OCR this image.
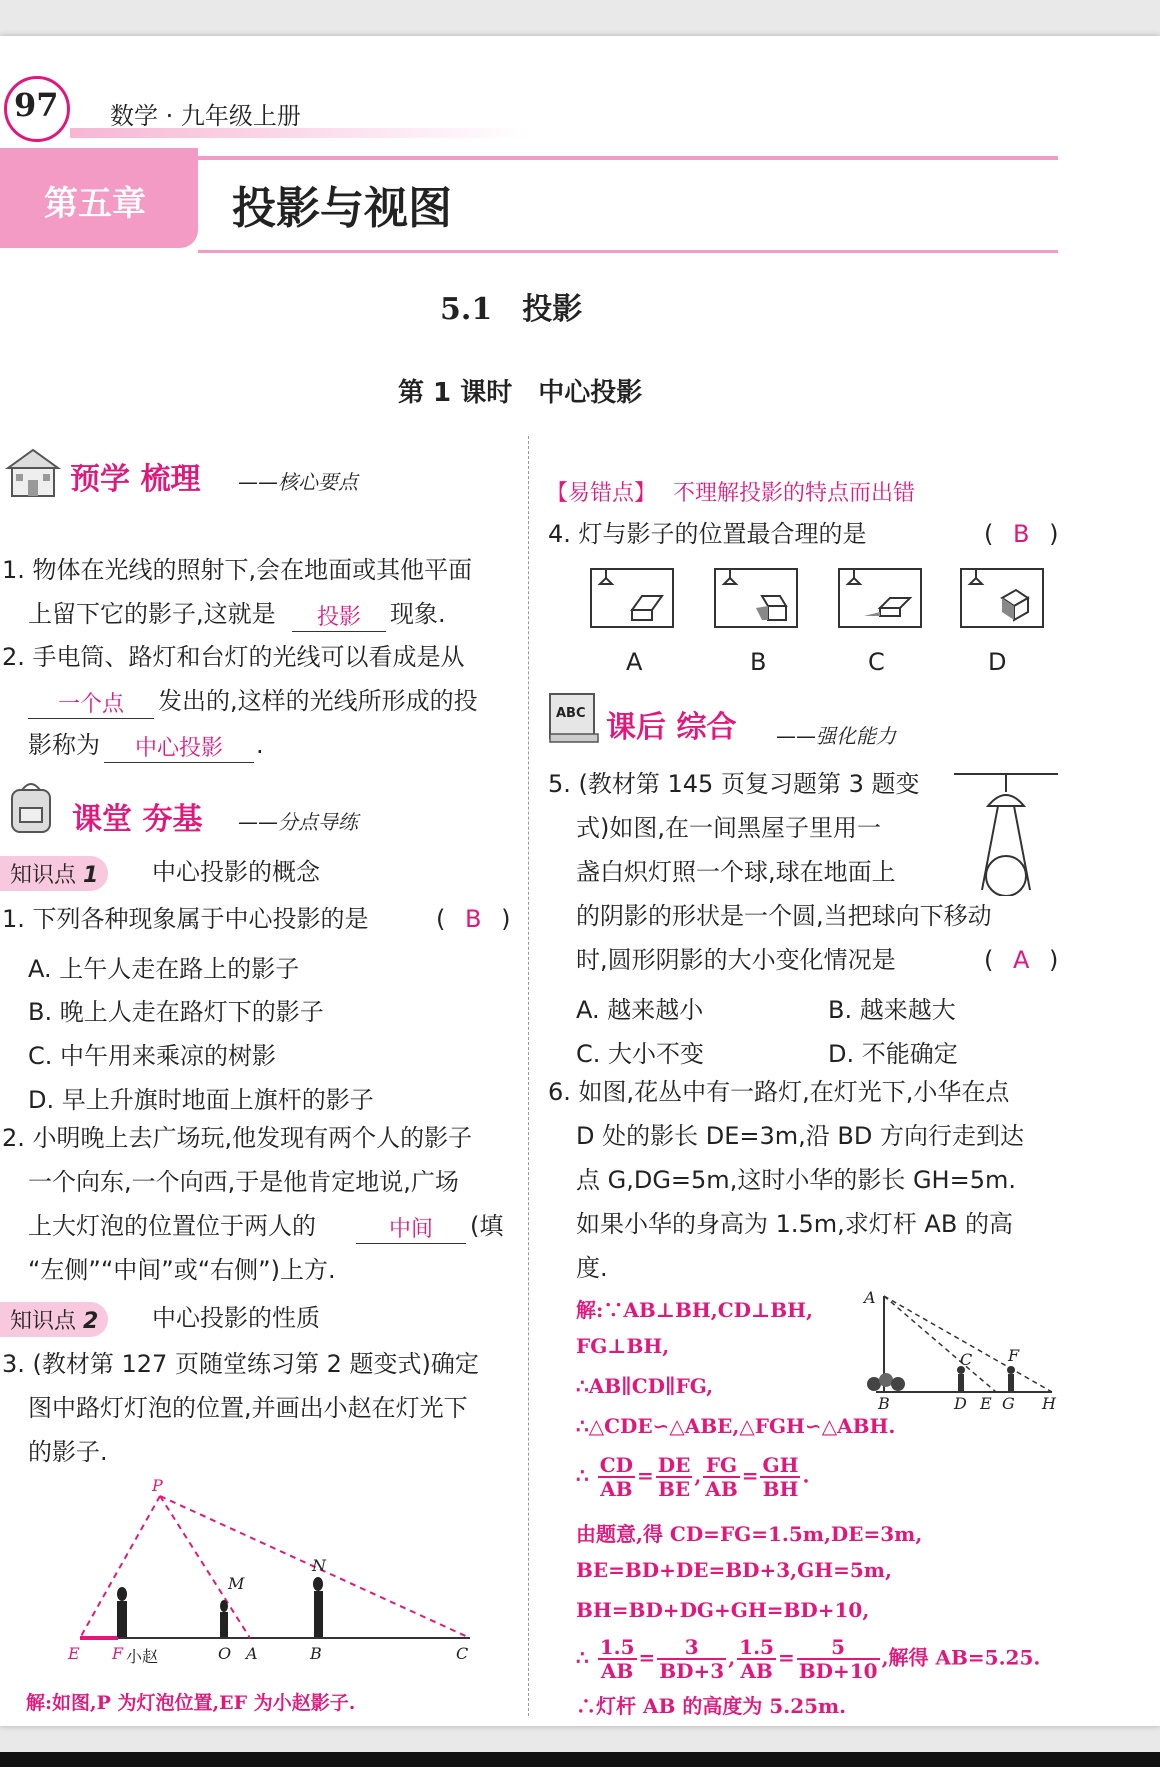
97 数学 · 九年级上册
第五章 投影与视图
5.1　投影
第 1 课时　中心投影
预学 梳理 ——核心要点
1. 物体在光线的照射下,会在地面或其他平面
上留下它的影子,这就是	投影	现象.
2. 手电筒、路灯和台灯的光线可以看成是从
一个点	发出的,这样的光线所形成的投
影称为	中心投影	.
课堂 夯基 ——分点导练
知识点 1	中心投影的概念
1. 下列各种现象属于中心投影的是	( B )
A. 上午人走在路上的影子
B. 晚上人走在路灯下的影子
C. 中午用来乘凉的树影
D. 早上升旗时地面上旗杆的影子
2. 小明晚上去广场玩,他发现有两个人的影子
一个向东,一个向西,于是他肯定地说,广场
上大灯泡的位置位于两人的	中间	(填
“左侧”“中间”或“右侧”)上方.
知识点 2	中心投影的性质
3. (教材第 127 页随堂练习第 2 题变式)确定
图中路灯灯泡的位置,并画出小赵在灯光下
的影子.
P
M
N
E F 小赵	O A	B	C
解:如图,P 为灯泡位置,EF 为小赵影子.
【易错点】 不理解投影的特点而出错
4. 灯与影子的位置最合理的是	( B )
A	B	C	D
ABC 课后 综合 ——强化能力
5. (教材第 145 页复习题第 3 题变
式)如图,在一间黑屋子里用一
盏白炽灯照一个球,球在地面上
的阴影的形状是一个圆,当把球向下移动
时,圆形阴影的大小变化情况是	( A )
A. 越来越小	B. 越来越大
C. 大小不变	D. 不能确定
6. 如图,花丛中有一路灯,在灯光下,小华在点
D 处的影长 DE=3m,沿 BD 方向行走到达
点 G,DG=5m,这时小华的影长 GH=5m.
如果小华的身高为 1.5m,求灯杆 AB 的高
度.
解:∵AB⊥BH,CD⊥BH,
FG⊥BH,
∴AB∥CD∥FG,
∴△CDE∽△ABE,△FGH∽△ABH.
A
B
C
D E
F
G H
∴ $\frac{CD}{AB} = \frac{DE}{BE}$ , $\frac{FG}{AB} = \frac{GH}{BH}$ .
由题意,得 CD=FG=1.5m,DE=3m,
BE=BD+DE=BD+3,GH=5m,
BH=BD+DG+GH=BD+10,
∴ $\frac{1.5}{AB} = \frac{3}{BD+3}$ , $\frac{1.5}{AB} = \frac{5}{BD+10}$ ,解得 AB=5.25.
∴灯杆 AB 的高度为 5.25m.
